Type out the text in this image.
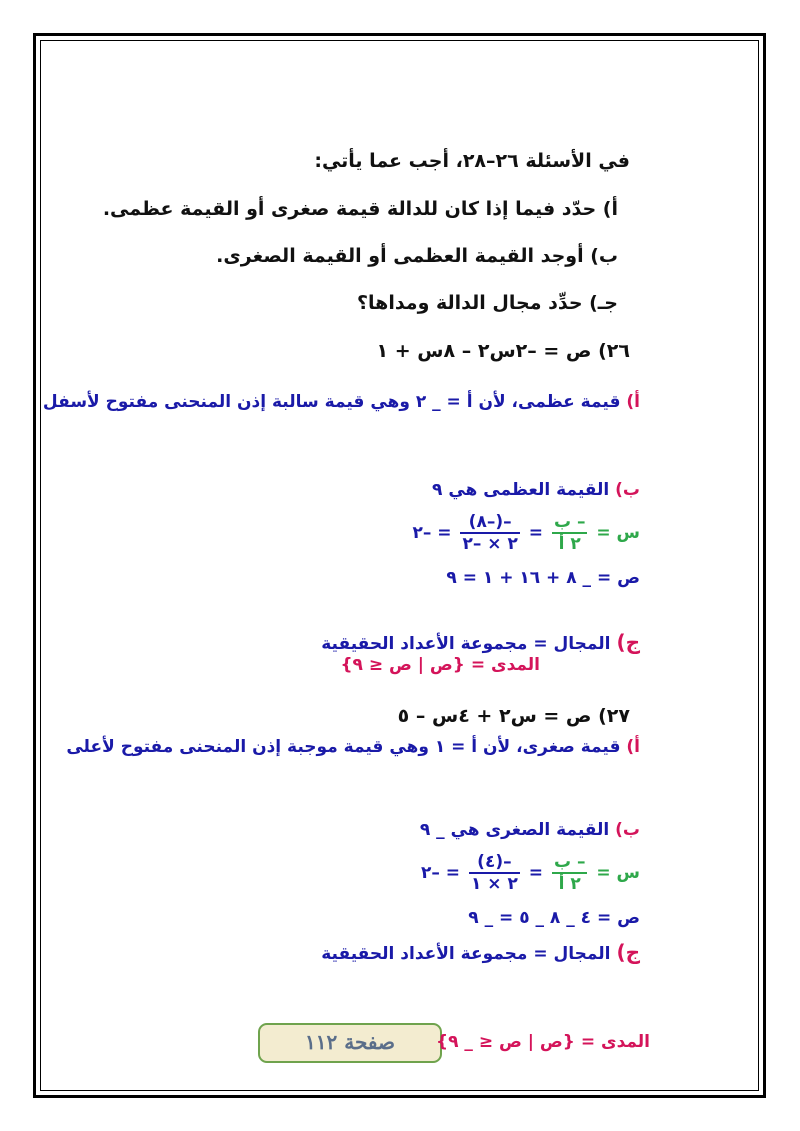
في الأسئلة ٢٦–٢٨، أجب عما يأتي:
أ) حدّد فيما إذا كان للدالة قيمة صغرى أو القيمة عظمى.
ب) أوجد القيمة العظمى أو القيمة الصغرى.
جـ) حدِّد مجال الدالة ومداها؟
٢٦) ص = –٢س٢ – ٨س + ١
أ) قيمة عظمى، لأن أ = _ ٢ وهي قيمة سالبة إذن المنحنى مفتوح لأسفل
ب) القيمة العظمى هي ٩
س =
$\frac{\text{– ب}}{\text{٢ أ}}$
=
$\frac{-(-٨)}{٢ \times -٢}$
= –٢
ص = _ ٨ + ١٦ + ١ = ٩
ج) المجال = مجموعة الأعداد الحقيقية
المدى = {ص | ص ≤ ٩}
٢٧) ص = س٢ + ٤س – ٥
أ) قيمة صغرى، لأن أ = ١ وهي قيمة موجبة إذن المنحنى مفتوح لأعلى
ب) القيمة الصغرى هي _ ٩
س =
$\frac{\text{– ب}}{\text{٢ أ}}$
=
$\frac{-(٤)}{٢ \times ١}$
= –٢
ص = ٤ _ ٨ _ ٥ = _ ٩
ج) المجال = مجموعة الأعداد الحقيقية
صفحة ١١٢	المدى = {ص | ص ≤ _ ٩}
